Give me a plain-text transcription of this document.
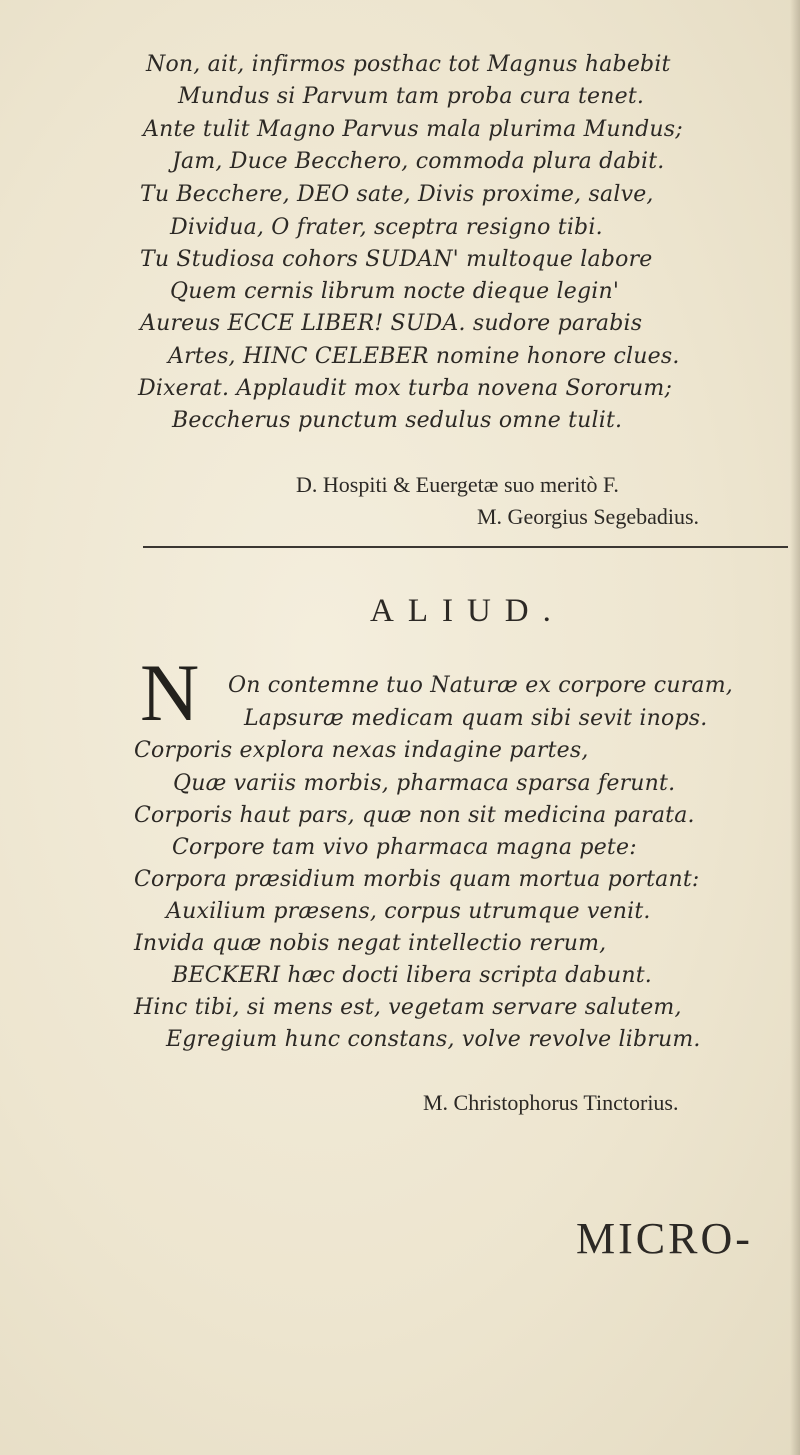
Non, ait, infirmos posthac tot Magnus habebit
Mundus si Parvum tam proba cura tenet.
Ante tulit Magno Parvus mala plurima Mundus;
Jam, Duce Becchero, commoda plura dabit.
Tu Becchere, DEO sate, Divis proxime, salve,
Dividua, O frater, sceptra resigno tibi.
Tu Studiosa cohors SUDAN' multoque labore
Quem cernis librum nocte dieque legin'
Aureus ECCE LIBER! SUDA. sudore parabis
Artes, HINC CELEBER nomine honore clues.
Dixerat. Applaudit mox turba novena Sororum;
Beccherus punctum sedulus omne tulit.
D. Hospiti & Euergetæ suo meritò F.
M. Georgius Segebadius.
ALIUD.
N On contemne tuo Naturæ ex corpore curam,
Lapsuræ medicam quam sibi sevit inops.
Corporis explora nexas indagine partes,
Quæ variis morbis, pharmaca sparsa ferunt.
Corporis haut pars, quæ non sit medicina parata.
Corpore tam vivo pharmaca magna pete:
Corpora præsidium morbis quam mortua portant:
Auxilium præsens, corpus utrumque venit.
Invida quæ nobis negat intellectio rerum,
BECKERI hæc docti libera scripta dabunt.
Hinc tibi, si mens est, vegetam servare salutem,
Egregium hunc constans, volve revolve librum.
M. Christophorus Tinctorius.
MICRO-
